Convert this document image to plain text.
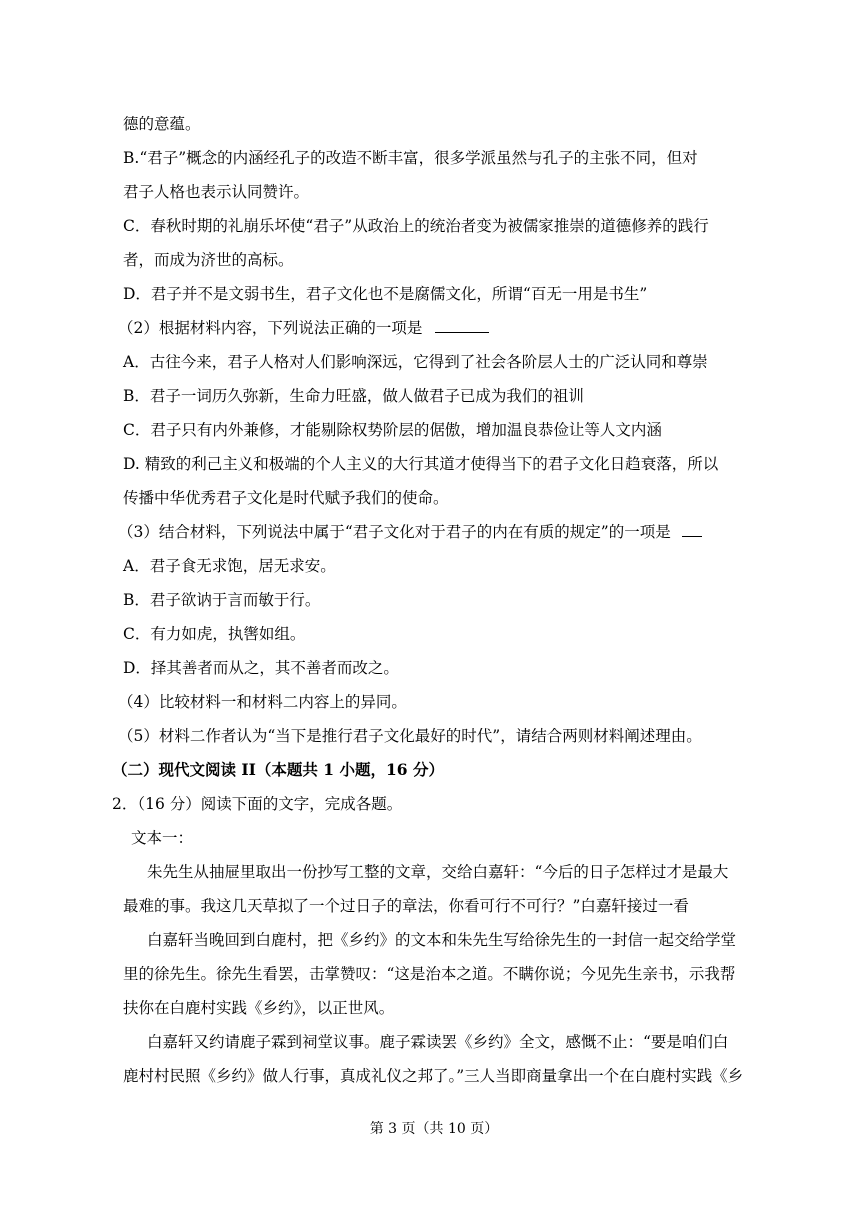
德的意蕴。
B.“君子”概念的内涵经孔子的改造不断丰富，很多学派虽然与孔子的主张不同，但对
君子人格也表示认同赞许。
C．春秋时期的礼崩乐坏使“君子”从政治上的统治者变为被儒家推崇的道德修养的践行
者，而成为济世的高标。
D．君子并不是文弱书生，君子文化也不是腐儒文化，所谓“百无一用是书生”
（2）根据材料内容，下列说法正确的一项是
A．古往今来，君子人格对人们影响深远，它得到了社会各阶层人士的广泛认同和尊崇
B．君子一词历久弥新，生命力旺盛，做人做君子已成为我们的祖训
C．君子只有内外兼修，才能剔除权势阶层的倨傲，增加温良恭俭让等人文内涵
D. 精致的利己主义和极端的个人主义的大行其道才使得当下的君子文化日趋衰落，所以
传播中华优秀君子文化是时代赋予我们的使命。
（3）结合材料，下列说法中属于“君子文化对于君子的内在有质的规定”的一项是
A．君子食无求饱，居无求安。
B．君子欲讷于言而敏于行。
C．有力如虎，执辔如组。
D．择其善者而从之，其不善者而改之。
（4）比较材料一和材料二内容上的异同。
（5）材料二作者认为“当下是推行君子文化最好的时代”，请结合两则材料阐述理由。
（二）现代文阅读 II（本题共 1 小题，16 分）
2．（16 分）阅读下面的文字，完成各题。
文本一：
朱先生从抽屉里取出一份抄写工整的文章，交给白嘉轩：“今后的日子怎样过才是最大
最难的事。我这几天草拟了一个过日子的章法，你看可行不可行？”白嘉轩接过一看
白嘉轩当晚回到白鹿村，把《乡约》的文本和朱先生写给徐先生的一封信一起交给学堂
里的徐先生。徐先生看罢，击掌赞叹：“这是治本之道。不瞒你说；今见先生亲书，示我帮
扶你在白鹿村实践《乡约》，以正世风。
白嘉轩又约请鹿子霖到祠堂议事。鹿子霖读罢《乡约》全文，感慨不止：“要是咱们白
鹿村村民照《乡约》做人行事，真成礼仪之邦了。”三人当即商量拿出一个在白鹿村实践《乡
第 3 页（共 10 页）
